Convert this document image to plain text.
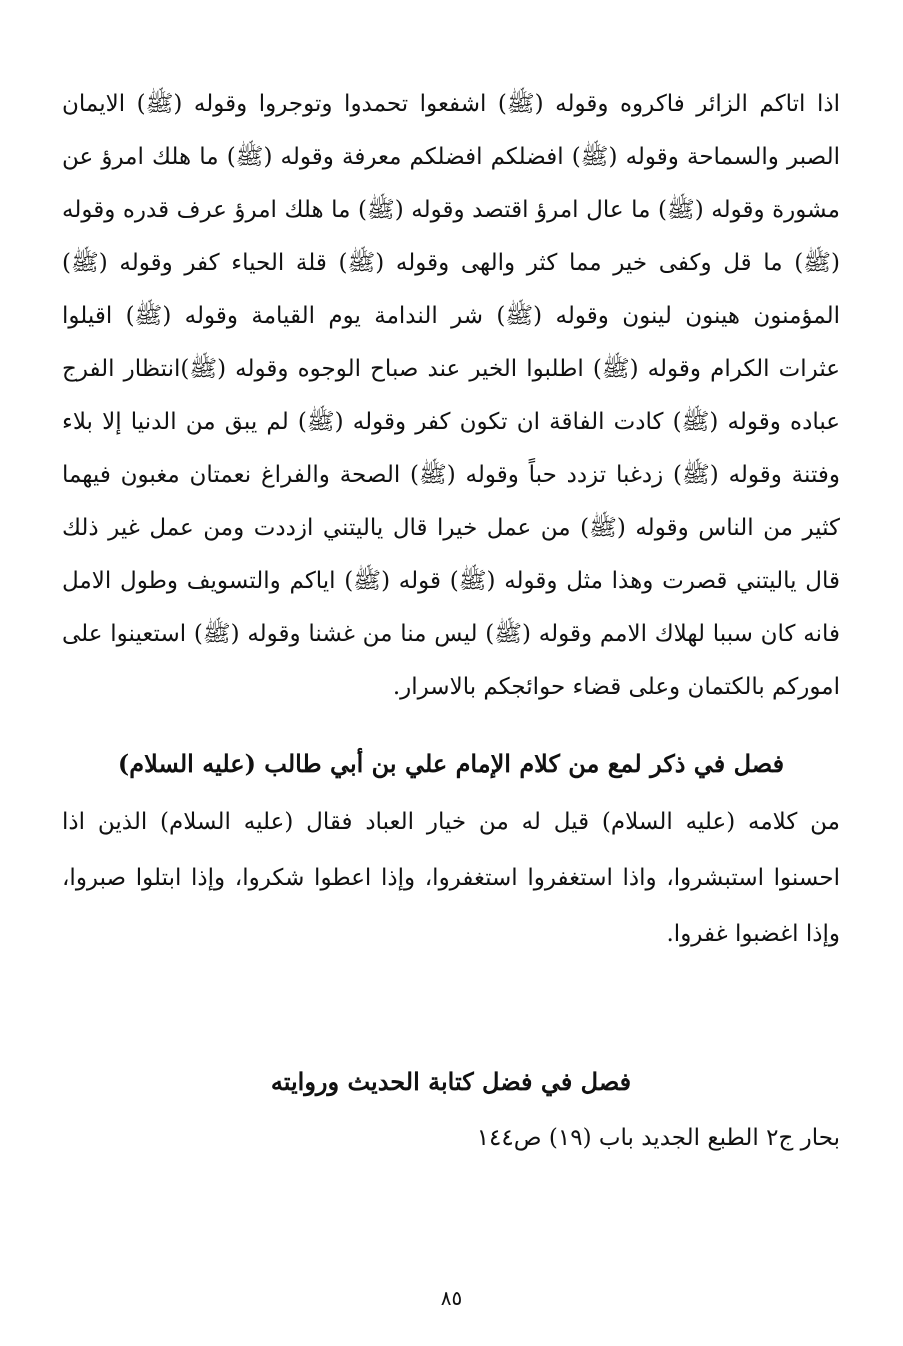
اذا اتاكم الزائر فاكروه وقوله (ﷺ) اشفعوا تحمدوا وتوجروا وقوله (ﷺ) الايمان الصبر والسماحة وقوله (ﷺ) افضلكم افضلكم معرفة وقوله (ﷺ) ما هلك امرؤ عن مشورة وقوله (ﷺ) ما عال امرؤ اقتصد وقوله (ﷺ) ما هلك امرؤ عرف قدره وقوله (ﷺ) ما قل وكفى خير مما كثر والهى وقوله (ﷺ) قلة الحياء كفر وقوله (ﷺ) المؤمنون هينون لينون وقوله (ﷺ) شر الندامة يوم القيامة وقوله (ﷺ) اقيلوا عثرات الكرام وقوله (ﷺ) اطلبوا الخير عند صباح الوجوه وقوله (ﷺ)انتظار الفرج عباده وقوله (ﷺ) كادت الفاقة ان تكون كفر وقوله (ﷺ) لم يبق من الدنيا إلا بلاء وفتنة وقوله (ﷺ) زدغبا تزدد حباً وقوله (ﷺ) الصحة والفراغ نعمتان مغبون فيهما كثير من الناس وقوله (ﷺ) من عمل خيرا قال ياليتني ازددت ومن عمل غير ذلك قال ياليتني قصرت وهذا مثل وقوله (ﷺ) قوله (ﷺ) اياكم والتسويف وطول الامل فانه كان سببا لهلاك الامم وقوله (ﷺ) ليس منا من غشنا وقوله (ﷺ) استعينوا على اموركم بالكتمان وعلى قضاء حوائجكم بالاسرار.

فصل في ذكر لمع من كلام الإمام علي بن أبي طالب (عليه السلام)

من كلامه (عليه السلام) قيل له من خيار العباد فقال (عليه السلام) الذين اذا احسنوا استبشروا، واذا استغفروا استغفروا، وإذا اعطوا شكروا، وإذا ابتلوا صبروا، وإذا اغضبوا غفروا.

فصل في فضل كتابة الحديث وروايته

بحار ج٢ الطبع الجديد باب (١٩) ص١٤٤

٨٥
